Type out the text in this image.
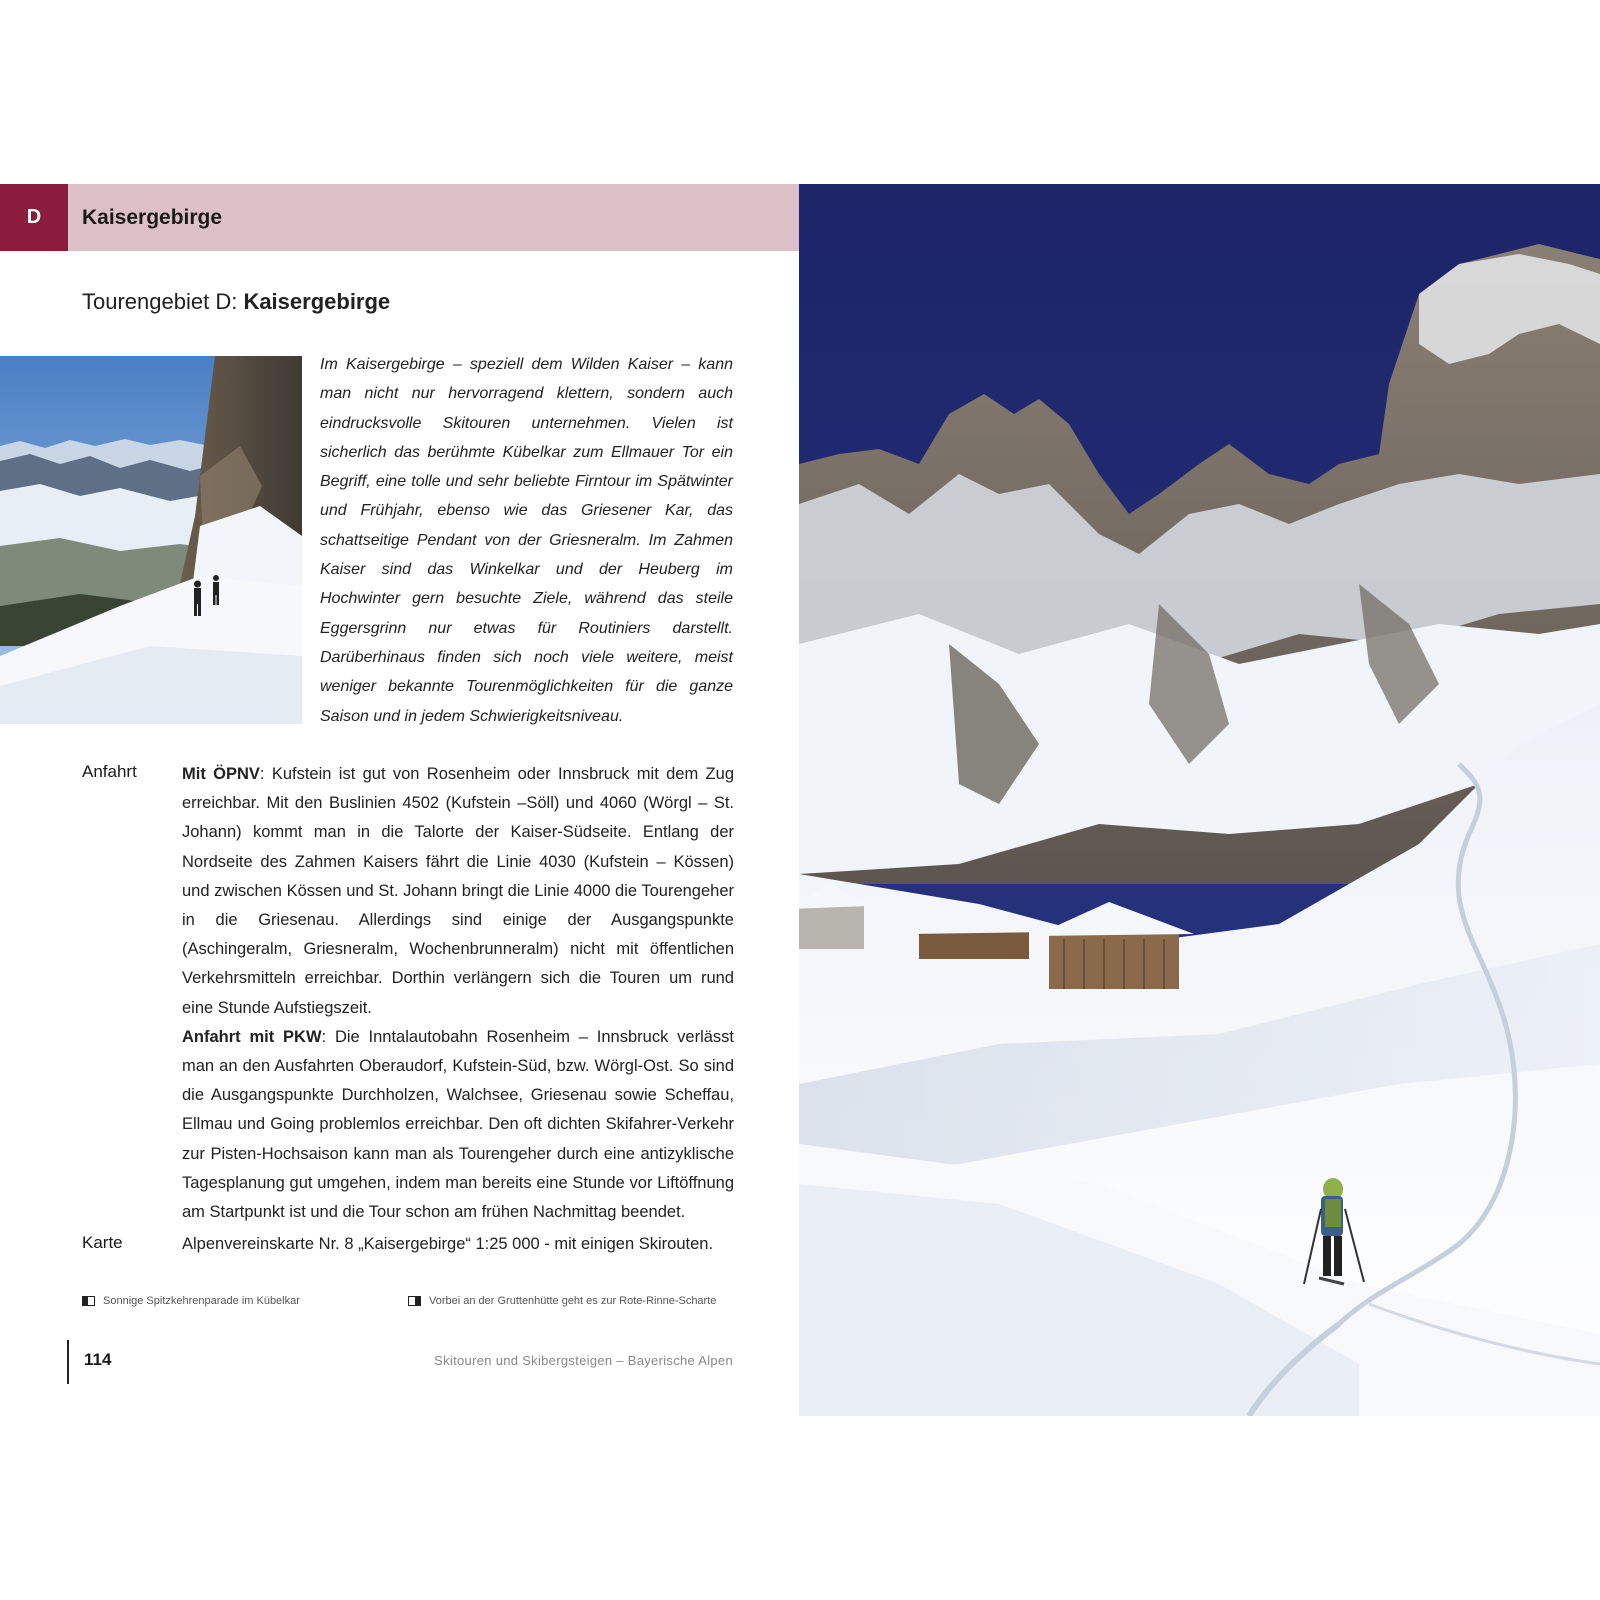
D	Kaisergebirge
Tourengebiet D: Kaisergebirge

Im Kaisergebirge – speziell dem Wilden Kaiser – kann man nicht nur hervorragend klettern, sondern auch eindrucksvolle Skitouren unternehmen. Vielen ist sicherlich das berühmte Kübelkar zum Ellmauer Tor ein Begriff, eine tolle und sehr beliebte Firntour im Spätwinter und Frühjahr, ebenso wie das Griesener Kar, das schattseitige Pendant von der Griesneralm. Im Zahmen Kaiser sind das Winkelkar und der Heuberg im Hochwinter gern besuchte Ziele, während das steile Eggersgrinn nur etwas für Routiniers darstellt. Darüberhinaus finden sich noch viele weitere, meist weniger bekannte Tourenmöglichkeiten für die ganze Saison und in jedem Schwierigkeitsniveau.

Anfahrt	Mit ÖPNV: Kufstein ist gut von Rosenheim oder Innsbruck mit dem Zug erreichbar. Mit den Buslinien 4502 (Kufstein –Söll) und 4060 (Wörgl – St. Johann) kommt man in die Talorte der Kaiser-Südseite. Entlang der Nordseite des Zahmen Kaisers fährt die Linie 4030 (Kufstein – Kössen) und zwischen Kössen und St. Johann bringt die Linie 4000 die Tourengeher in die Griesenau. Allerdings sind einige der Ausgangspunkte (Aschingeralm, Griesneralm, Wochenbrunneralm) nicht mit öffentlichen Verkehrsmitteln erreichbar. Dorthin verlängern sich die Touren um rund eine Stunde Aufstiegszeit.

Anfahrt mit PKW: Die Inntalautobahn Rosenheim – Innsbruck verlässt man an den Ausfahrten Oberaudorf, Kufstein-Süd, bzw. Wörgl-Ost. So sind die Ausgangspunkte Durchholzen, Walchsee, Griesenau sowie Scheffau, Ellmau und Going problemlos erreichbar. Den oft dichten Skifahrer-Verkehr zur Pisten-Hochsaison kann man als Tourengeher durch eine antizyklische Tagesplanung gut umgehen, indem man bereits eine Stunde vor Liftöffnung am Startpunkt ist und die Tour schon am frühen Nachmittag beendet.

Karte	Alpenvereinskarte Nr. 8 „Kaisergebirge“ 1:25 000 - mit einigen Skirouten.
Sonnige Spitzkehrenparade im Kübelkar	Vorbei an der Gruttenhütte geht es zur Rote-Rinne-Scharte
114	Skitouren und Skibergsteigen – Bayerische Alpen
